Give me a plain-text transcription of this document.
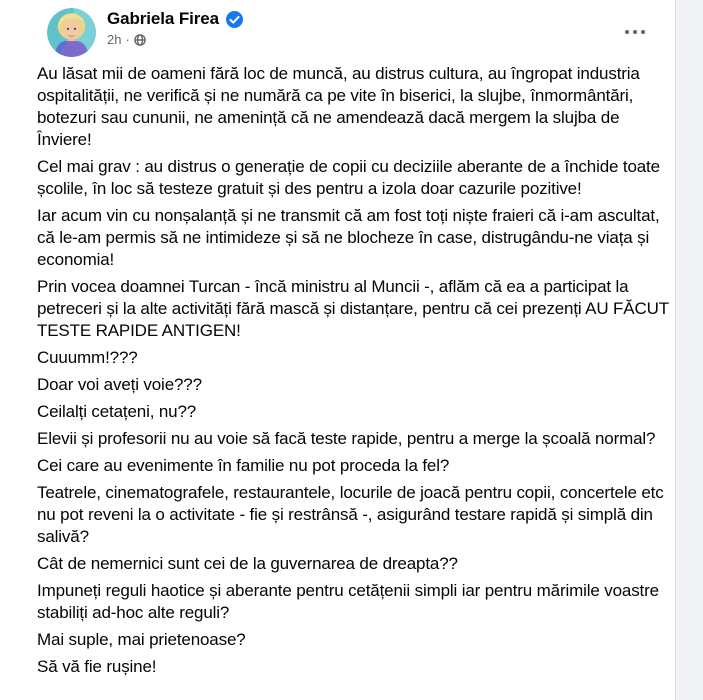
Gabriela Firea
2h ·

Au lăsat mii de oameni fără loc de muncă, au distrus cultura, au îngropat industria ospitalității, ne verifică și ne numără ca pe vite în biserici, la slujbe, înmormântări, botezuri sau cununii, ne amenință că ne amendează dacă mergem la slujba de Înviere!

Cel mai grav : au distrus o generație de copii cu deciziile aberante de a închide toate școlile, în loc să testeze gratuit și des pentru a izola doar cazurile pozitive!

Iar acum vin cu nonșalanță și ne transmit că am fost toți niște fraieri că i-am ascultat, că le-am permis să ne intimideze și să ne blocheze în case, distrugându-ne viața și economia!

Prin vocea doamnei Turcan - încă ministru al Muncii -, aflăm că ea a participat la petreceri și la alte activități fără mască și distanțare, pentru că cei prezenți AU FĂCUT TESTE RAPIDE ANTIGEN!

Cuuumm!???

Doar voi aveți voie???

Ceilalți cetațeni, nu??

Elevii și profesorii nu au voie să facă teste rapide, pentru a merge la școală normal?

Cei care au evenimente în familie nu pot proceda la fel?

Teatrele, cinematografele, restaurantele, locurile de joacă pentru copii, concertele etc nu pot reveni la o activitate - fie și restrânsă -, asigurând testare rapidă și simplă din salivă?

Cât de nemernici sunt cei de la guvernarea de dreapta??

Impuneți reguli haotice și aberante pentru cetățenii simpli iar pentru mărimile voastre stabiliți ad-hoc alte reguli?

Mai suple, mai prietenoase?

Să vă fie rușine!
